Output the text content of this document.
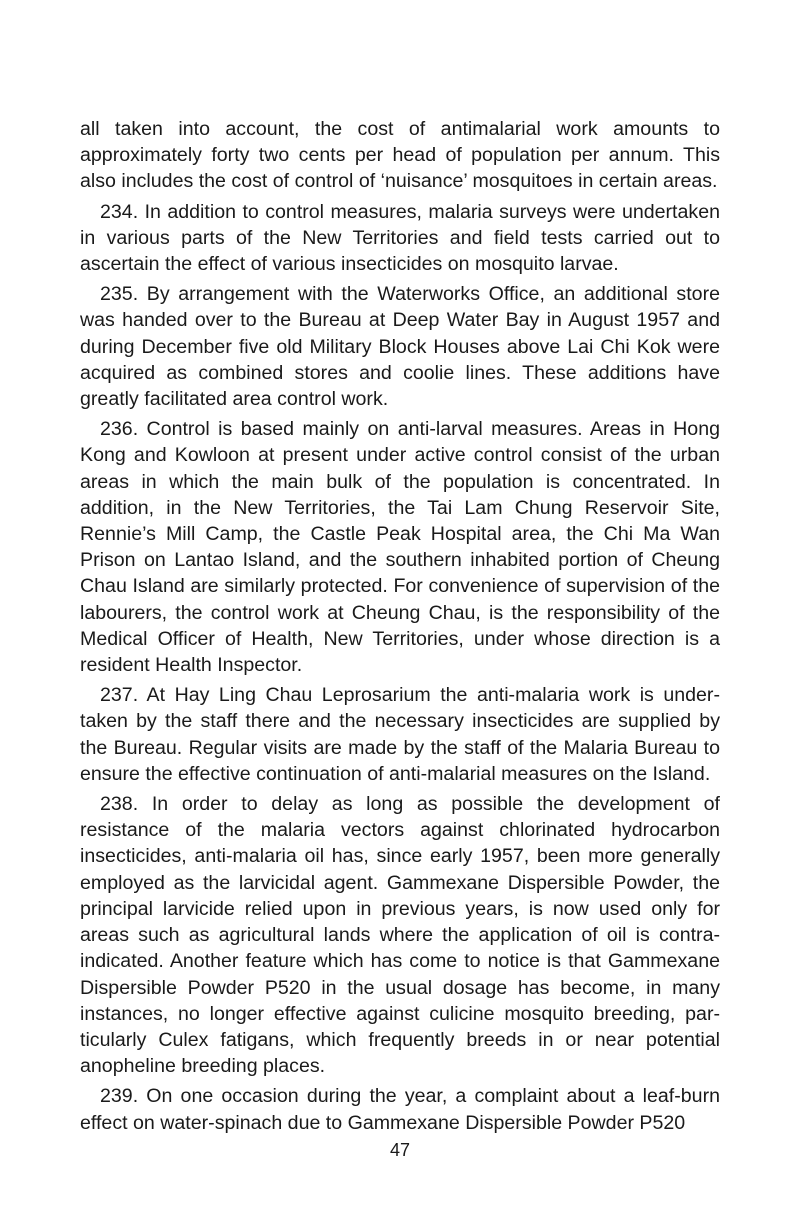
all taken into account, the cost of antimalarial work amounts to approximately forty two cents per head of population per annum. This also includes the cost of control of ‘nuisance’ mosquitoes in certain areas.

234. In addition to control measures, malaria surveys were undertaken in various parts of the New Territories and field tests carried out to ascertain the effect of various insecticides on mosquito larvae.

235. By arrangement with the Waterworks Office, an additional store was handed over to the Bureau at Deep Water Bay in August 1957 and during December five old Military Block Houses above Lai Chi Kok were acquired as combined stores and coolie lines. These additions have greatly facilitated area control work.

236. Control is based mainly on anti-larval measures. Areas in Hong Kong and Kowloon at present under active control consist of the urban areas in which the main bulk of the population is concentrated. In addition, in the New Territories, the Tai Lam Chung Reservoir Site, Rennie’s Mill Camp, the Castle Peak Hospital area, the Chi Ma Wan Prison on Lantao Island, and the southern inhabited portion of Cheung Chau Island are similarly protected. For convenience of supervision of the labourers, the control work at Cheung Chau, is the responsibility of the Medical Officer of Health, New Territories, under whose direction is a resident Health Inspector.

237. At Hay Ling Chau Leprosarium the anti-malaria work is under-taken by the staff there and the necessary insecticides are supplied by the Bureau. Regular visits are made by the staff of the Malaria Bureau to ensure the effective continuation of anti-malarial measures on the Island.

238. In order to delay as long as possible the development of resistance of the malaria vectors against chlorinated hydrocarbon insecticides, anti-malaria oil has, since early 1957, been more generally employed as the larvicidal agent. Gammexane Dispersible Powder, the principal larvicide relied upon in previous years, is now used only for areas such as agricultural lands where the application of oil is contra-indicated. Another feature which has come to notice is that Gammexane Dispersible Powder P520 in the usual dosage has become, in many instances, no longer effective against culicine mosquito breeding, par-ticularly Culex fatigans, which frequently breeds in or near potential anopheline breeding places.

239. On one occasion during the year, a complaint about a leaf-burn effect on water-spinach due to Gammexane Dispersible Powder P520

47
